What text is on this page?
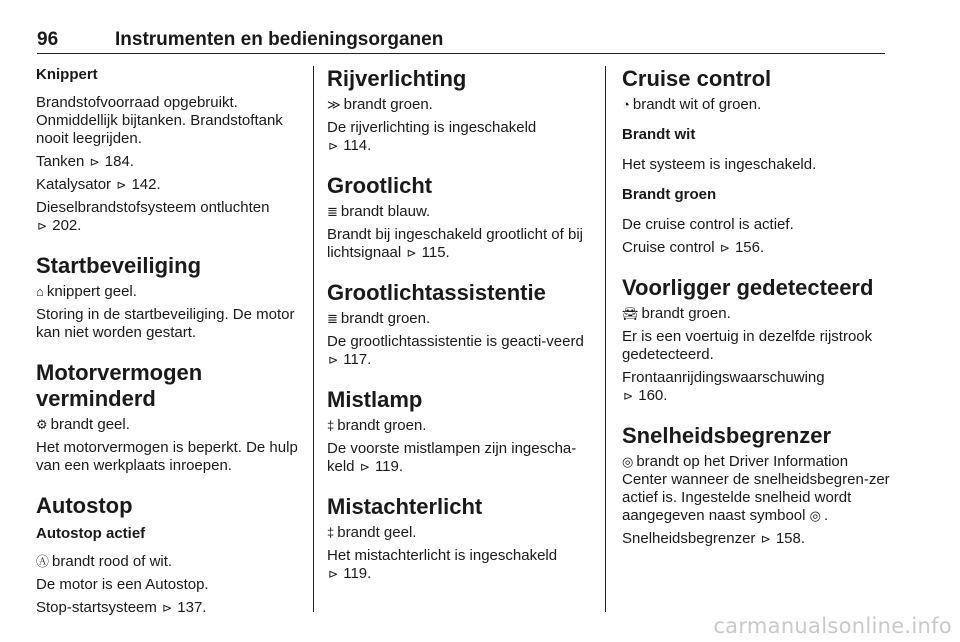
96	Instrumenten en bedieningsorganen
Knippert

Brandstofvoorraad opgebruikt. Onmiddellijk bijtanken. Brandstoftank nooit leegrijden.

Tanken ⊳ 184.

Katalysator ⊳ 142.

Dieselbrandstofsysteem ontluchten
⊳ 202.

Startbeveiliging

⌂ knippert geel.

Storing in de startbeveiliging. De motor kan niet worden gestart.

Motorvermogen verminderd

⚙ brandt geel.

Het motorvermogen is beperkt. De hulp van een werkplaats inroepen.

Autostop
Autostop actief

Ⓐ brandt rood of wit.

De motor is een Autostop.

Stop-startsysteem ⊳ 137.

Rijverlichting

≫ brandt groen.

De rijverlichting is ingeschakeld
⊳ 114.

Grootlicht

≣ brandt blauw.

Brandt bij ingeschakeld grootlicht of bij lichtsignaal ⊳ 115.

Grootlichtassistentie

≣ brandt groen.

De grootlichtassistentie is geacti-veerd ⊳ 117.

Mistlamp

‡ brandt groen.

De voorste mistlampen zijn ingescha-keld ⊳ 119.

Mistachterlicht

‡ brandt geel.

Het mistachterlicht is ingeschakeld
⊳ 119.

Cruise control

◔ brandt wit of groen.

Brandt wit

Het systeem is ingeschakeld.

Brandt groen

De cruise control is actief.

Cruise control ⊳ 156.

Voorligger gedetecteerd

🚘︎ brandt groen.

Er is een voertuig in dezelfde rijstrook gedetecteerd.

Frontaanrijdingswaarschuwing
⊳ 160.

Snelheidsbegrenzer

◎ brandt op het Driver Information Center wanneer de snelheidsbegren-zer actief is. Ingestelde snelheid wordt aangegeven naast symbool ◎ .

Snelheidsbegrenzer ⊳ 158.

carmanualsonline.info
